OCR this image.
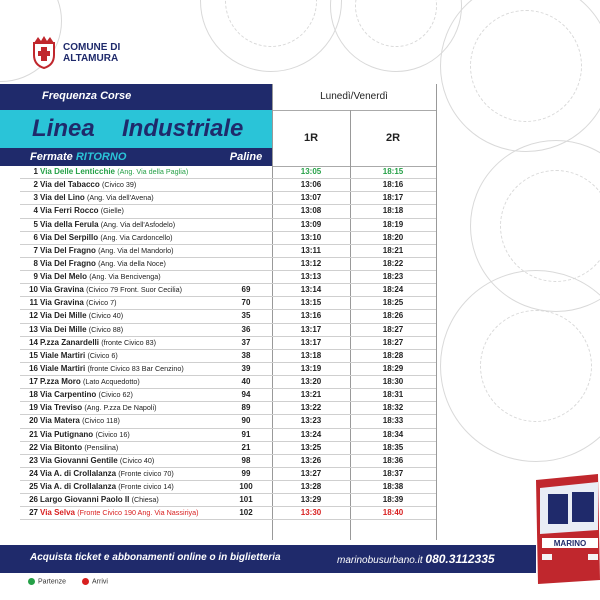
COMUNE DI
ALTAMURA
Frequenza Corse
Linea Industriale
Fermate RITORNO	Paline
Lunedì/Venerdì
1R	2R
1 Via Delle Lenticchie (Ang. Via della Paglia)	13:05	18:15
2 Via del Tabacco (Civico 39)	13:06	18:16
3 Via del Lino (Ang. Via dell'Avena)	13:07	18:17
4 Via Ferri Rocco (Gielle)	13:08	18:18
5 Via della Ferula (Ang. Via dell'Asfodelo)	13:09	18:19
6 Via Del Serpillo (Ang. Via Cardoncello)	13:10	18:20
7 Via Del Fragno (Ang. Via del Mandorlo)	13:11	18:21
8 Via Del Fragno (Ang. Via della Noce)	13:12	18:22
9 Via Del Melo (Ang. Via Bencivenga)	13:13	18:23
10 Via Gravina (Civico 79 Front. Suor Cecilia)	69	13:14	18:24
11 Via Gravina (Civico 7)	70	13:15	18:25
12 Via Dei Mille (Civico 40)	35	13:16	18:26
13 Via Dei Mille (Civico 88)	36	13:17	18:27
14 P.zza Zanardelli (fronte Civico 83)	37	13:17	18:27
15 Viale Martiri (Civico 6)	38	13:18	18:28
16 Viale Martiri (fronte Civico 83 Bar Cenzino)	39	13:19	18:29
17 P.zza Moro (Lato Acquedotto)	40	13:20	18:30
18 Via Carpentino (Civico 62)	94	13:21	18:31
19 Via Treviso (Ang. P.zza De Napoli)	89	13:22	18:32
20 Via Matera (Civico 118)	90	13:23	18:33
21 Via Putignano (Civico 16)	91	13:24	18:34
22 Via Bitonto (Pensilina)	21	13:25	18:35
23 Via Giovanni Gentile (Civico 40)	98	13:26	18:36
24 Via A. di Crollalanza (Fronte civico 70)	99	13:27	18:37
25 Via A. di Crollalanza (Fronte civico 14)	100	13:28	18:38
26 Largo Giovanni Paolo II (Chiesa)	101	13:29	18:39
27 Via Selva (Fronte Civico 190 Ang. Via Nassiriya)	102	13:30	18:40
Acquista ticket e abbonamenti online o in biglietteria	marinobusurbano.it 080.3112335
Partenze	Arrivi
MARINO
